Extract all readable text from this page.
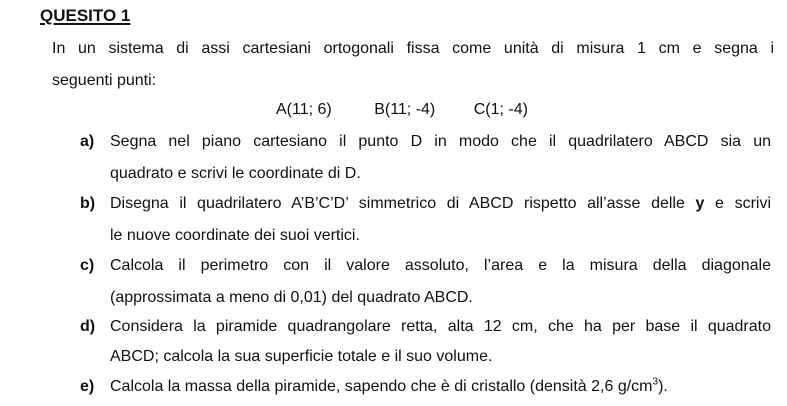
QUESITO 1
In un sistema di assi cartesiani ortogonali fissa come unità di misura 1 cm e segna i
seguenti punti:
A(11; 6)	B(11; -4) C(1; -4)
a) Segna nel piano cartesiano il punto D in modo che il quadrilatero ABCD sia un
quadrato e scrivi le coordinate di D.
b) Disegna il quadrilatero A’B’C’D’ simmetrico di ABCD rispetto all’asse delle y e scrivi
le nuove coordinate dei suoi vertici.
c) Calcola il perimetro con il valore assoluto, l’area e la misura della diagonale
(approssimata a meno di 0,01) del quadrato ABCD.
d) Considera la piramide quadrangolare retta, alta 12 cm, che ha per base il quadrato
ABCD; calcola la sua superficie totale e il suo volume.
e) Calcola la massa della piramide, sapendo che è di cristallo (densità 2,6 $g/cm^3$).
